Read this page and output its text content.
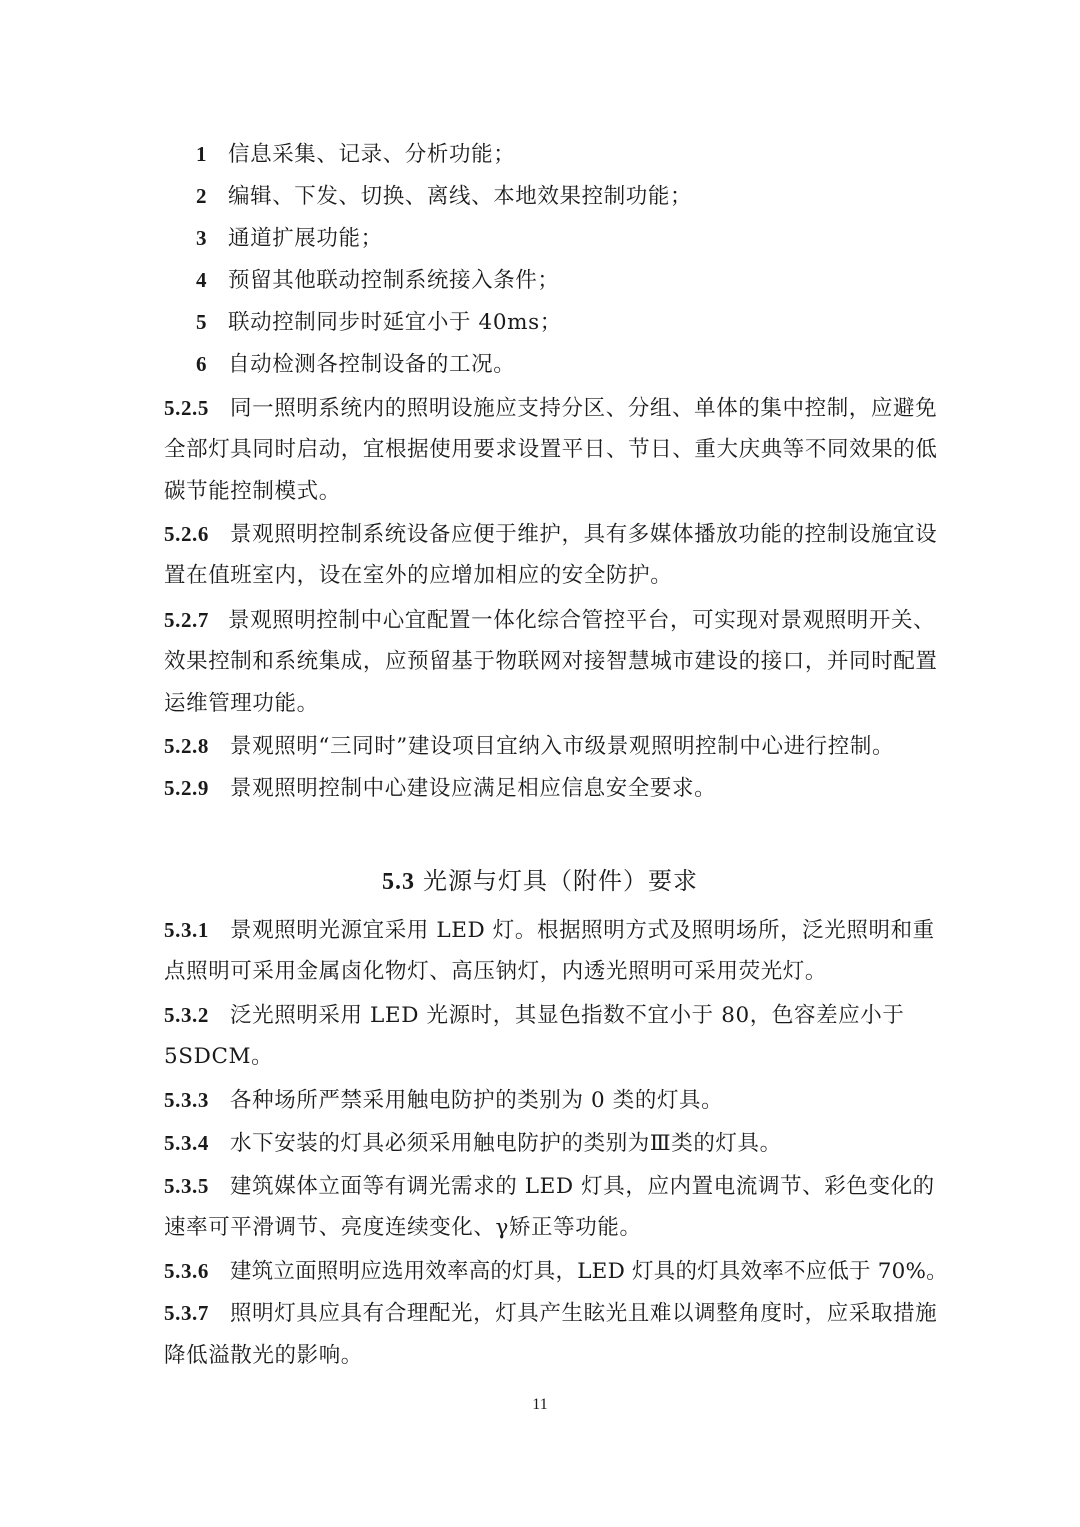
1 信息采集、记录、分析功能；
2 编辑、下发、切换、离线、本地效果控制功能；
3 通道扩展功能；
4 预留其他联动控制系统接入条件；
5 联动控制同步时延宜小于 40ms；
6 自动检测各控制设备的工况。
5.2.5 同一照明系统内的照明设施应支持分区、分组、单体的集中控制，应避免
全部灯具同时启动，宜根据使用要求设置平日、节日、重大庆典等不同效果的低
碳节能控制模式。
5.2.6 景观照明控制系统设备应便于维护，具有多媒体播放功能的控制设施宜设
置在值班室内，设在室外的应增加相应的安全防护。
5.2.7 景观照明控制中心宜配置一体化综合管控平台，可实现对景观照明开关、
效果控制和系统集成，应预留基于物联网对接智慧城市建设的接口，并同时配置
运维管理功能。
5.2.8 景观照明“三同时”建设项目宜纳入市级景观照明控制中心进行控制。
5.2.9 景观照明控制中心建设应满足相应信息安全要求。
5.3 光源与灯具（附件）要求
5.3.1 景观照明光源宜采用 LED 灯。根据照明方式及照明场所，泛光照明和重
点照明可采用金属卤化物灯、高压钠灯，内透光照明可采用荧光灯。
5.3.2 泛光照明采用 LED 光源时，其显色指数不宜小于 80，色容差应小于
5SDCM。
5.3.3 各种场所严禁采用触电防护的类别为 0 类的灯具。
5.3.4 水下安装的灯具必须采用触电防护的类别为Ⅲ类的灯具。
5.3.5 建筑媒体立面等有调光需求的 LED 灯具，应内置电流调节、彩色变化的
速率可平滑调节、亮度连续变化、γ矫正等功能。
5.3.6 建筑立面照明应选用效率高的灯具，LED 灯具的灯具效率不应低于 70%。
5.3.7 照明灯具应具有合理配光，灯具产生眩光且难以调整角度时，应采取措施
降低溢散光的影响。
11
